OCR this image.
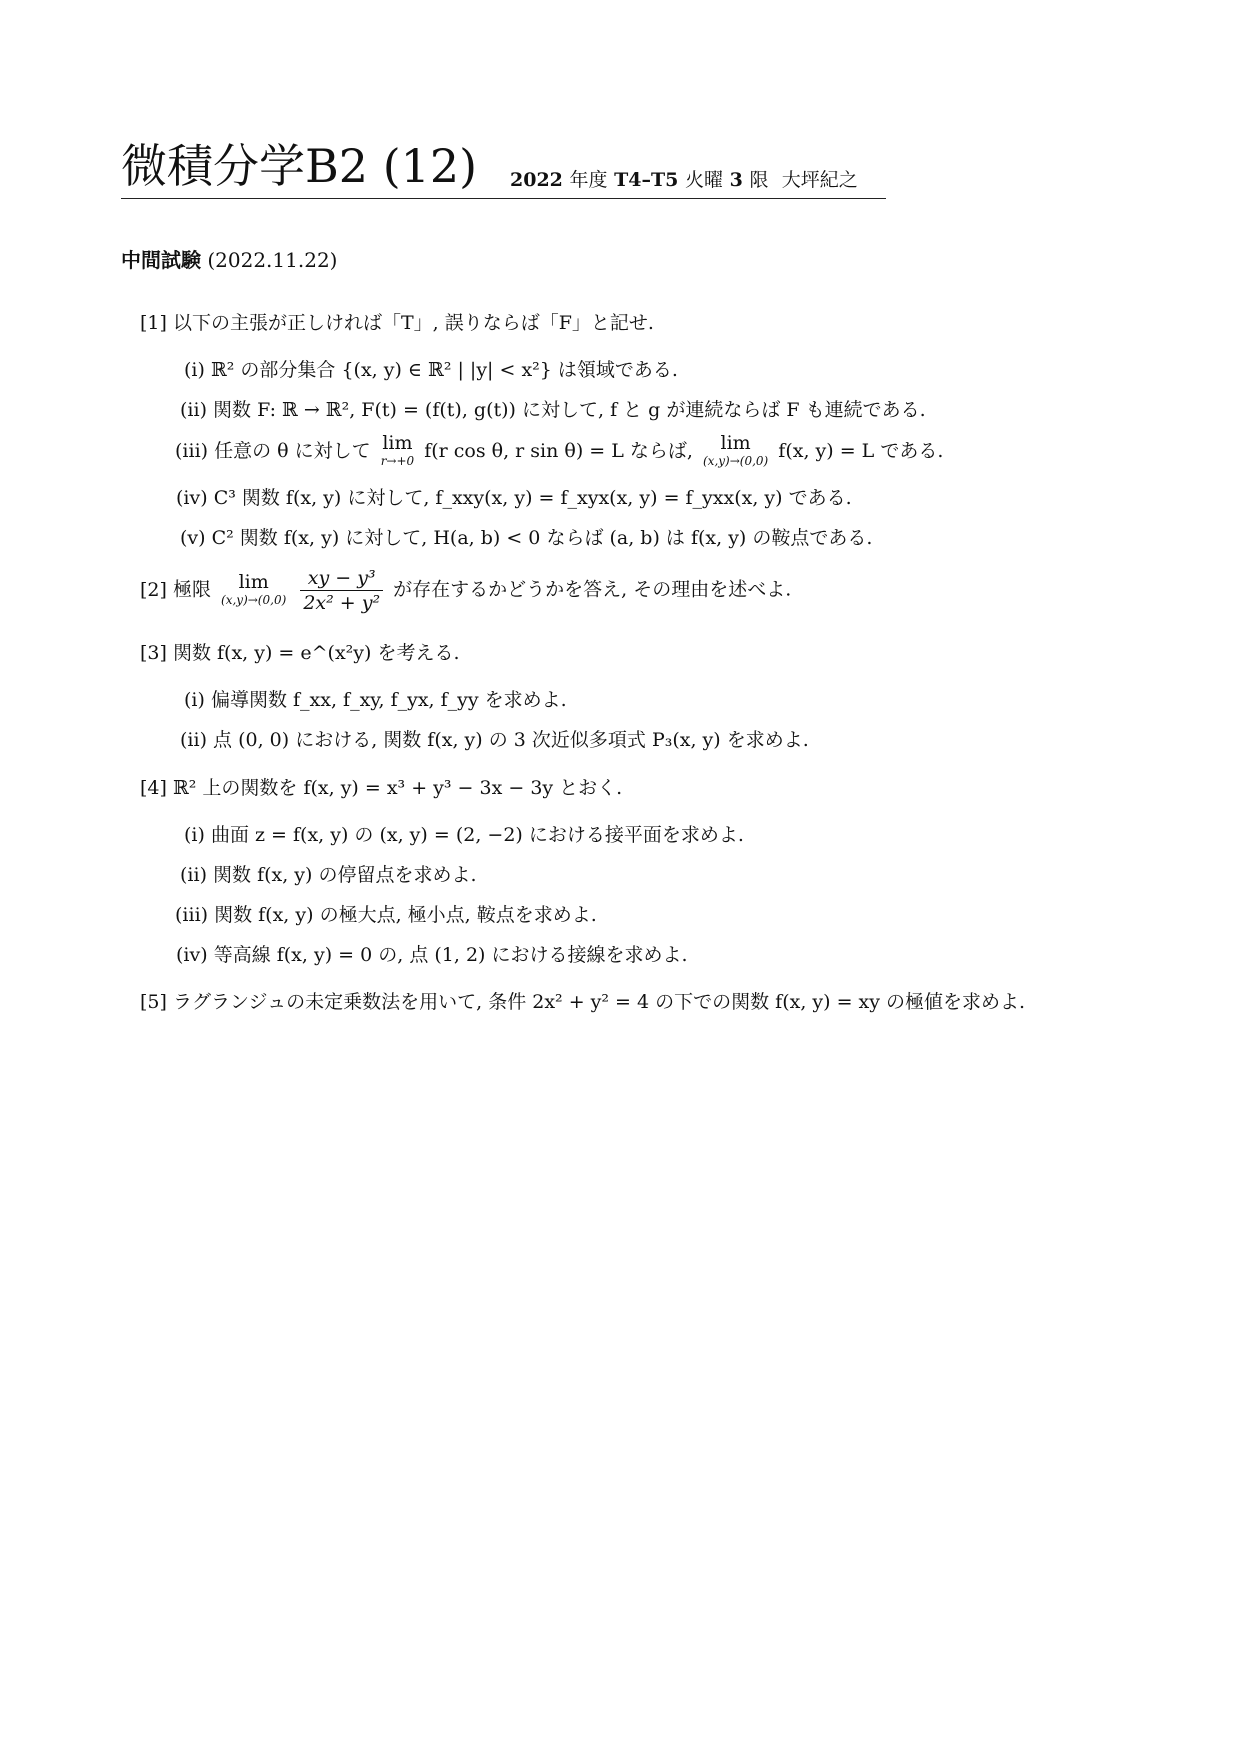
微積分学B2 (12) 2022 年度 T4–T5 火曜 3 限 大坪紀之
中間試験 (2022.11.22)
[1] 以下の主張が正しければ「T」, 誤りならば「F」と記せ.
(i) ℝ² の部分集合 {(x, y) ∈ ℝ² | |y| < x²} は領域である.
(ii) 関数 F: ℝ → ℝ², F(t) = (f(t), g(t)) に対して, f と g が連続ならば F も連続である.
(iii) 任意の θ に対して lim
r→+0 f(r cos θ, r sin θ) = L ならば,	lim
(x,y)→(0,0) f(x, y) = L である.
(iv) C³ 関数 f(x, y) に対して, f_xxy(x, y) = f_xyx(x, y) = f_yxx(x, y) である.
(v) C² 関数 f(x, y) に対して, H(a, b) < 0 ならば (a, b) は f(x, y) の鞍点である.
[2] 極限	lim
(x,y)→(0,0)
$\frac{\text{xy − y³}}{\text{2x² + y²}}$ が存在するかどうかを答え, その理由を述べよ.
[3] 関数 f(x, y) = e^(x²y) を考える.
(i) 偏導関数 f_xx, f_xy, f_yx, f_yy を求めよ.
(ii) 点 (0, 0) における, 関数 f(x, y) の 3 次近似多項式 P₃(x, y) を求めよ.
[4] ℝ² 上の関数を f(x, y) = x³ + y³ − 3x − 3y とおく.
(i) 曲面 z = f(x, y) の (x, y) = (2, −2) における接平面を求めよ.
(ii) 関数 f(x, y) の停留点を求めよ.
(iii) 関数 f(x, y) の極大点, 極小点, 鞍点を求めよ.
(iv) 等高線 f(x, y) = 0 の, 点 (1, 2) における接線を求めよ.
[5] ラグランジュの未定乗数法を用いて, 条件 2x² + y² = 4 の下での関数 f(x, y) = xy の極値を求めよ.
